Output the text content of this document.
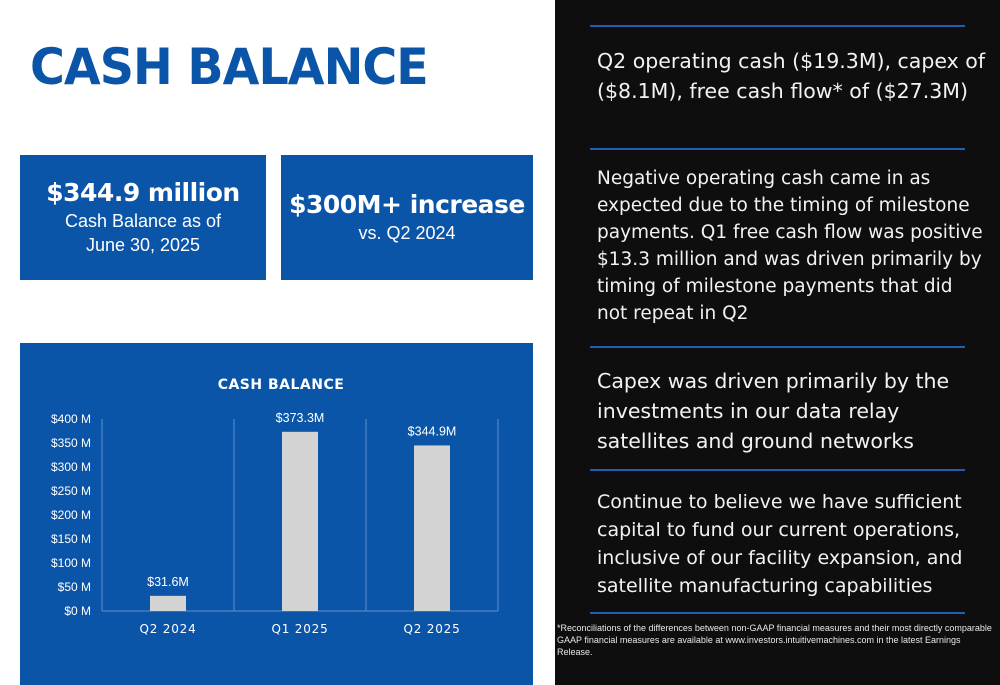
CASH BALANCE
$344.9 million
Cash Balance as of
June 30, 2025
$300M+ increase
vs. Q2 2024
CASH BALANCE
$0 M
$50 M
$100 M
$150 M
$200 M
$250 M
$300 M
$350 M
$400 M
$31.6M
Q2 2024
$373.3M
Q1 2025
$344.9M
Q2 2025
Q2 operating cash ($19.3M), capex of ($8.1M), free cash flow* of ($27.3M)
Negative operating cash came in as expected due to the timing of milestone payments. Q1 free cash flow was positive $13.3 million and was driven primarily by timing of milestone payments that did not repeat in Q2
Capex was driven primarily by the investments in our data relay satellites and ground networks
Continue to believe we have sufficient capital to fund our current operations, inclusive of our facility expansion, and satellite manufacturing capabilities
*Reconciliations of the differences between non-GAAP financial measures and their most directly comparable GAAP financial measures are available at www.investors.intuitivemachines.com in the latest Earnings Release.
